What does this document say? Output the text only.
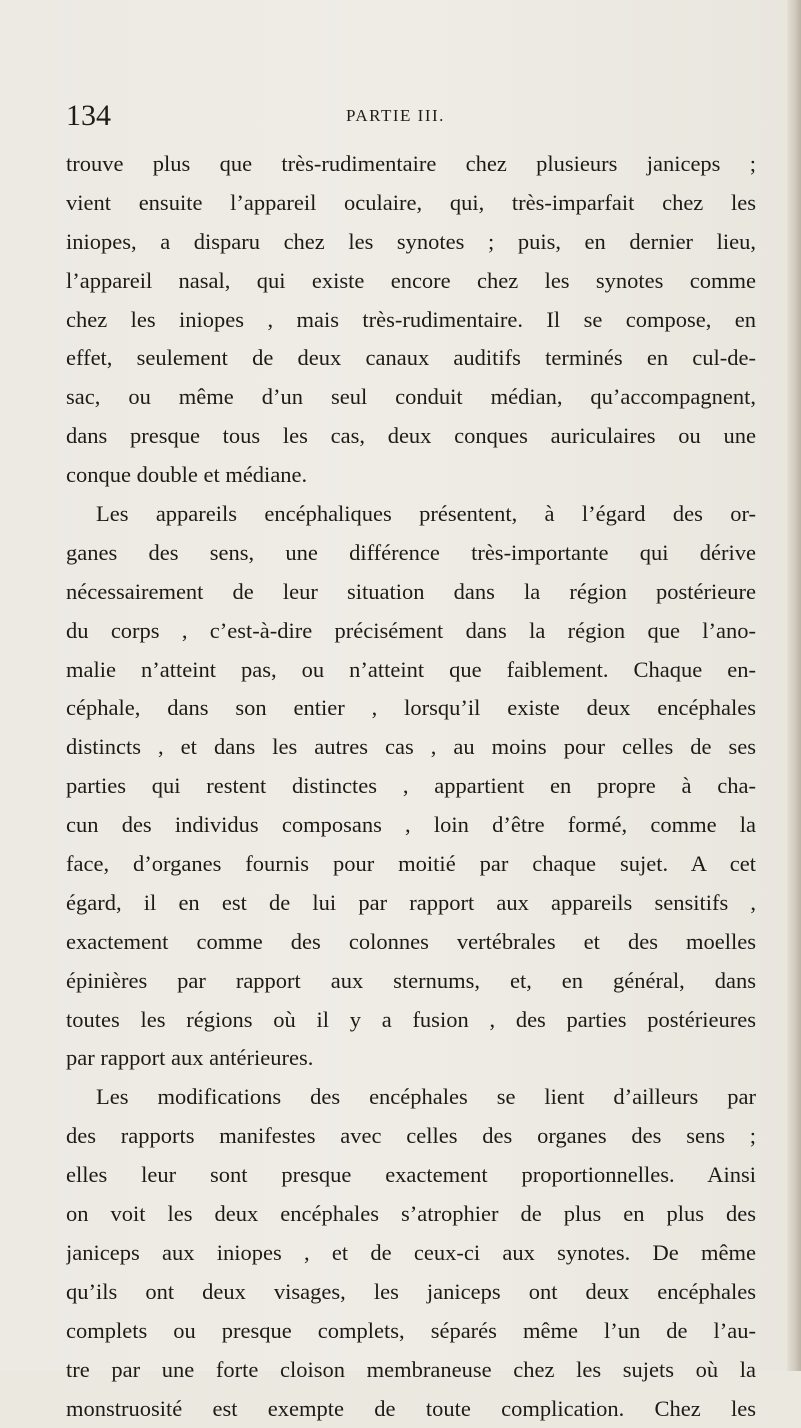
134	PARTIE III.
trouve plus que très-rudimentaire chez plusieurs janiceps ;
vient ensuite l’appareil oculaire, qui, très-imparfait chez les
iniopes, a disparu chez les synotes ; puis, en dernier lieu,
l’appareil nasal, qui existe encore chez les synotes comme
chez les iniopes , mais très-rudimentaire. Il se compose, en
effet, seulement de deux canaux auditifs terminés en cul-de-
sac, ou même d’un seul conduit médian, qu’accompagnent,
dans presque tous les cas, deux conques auriculaires ou une
conque double et médiane.
Les appareils encéphaliques présentent, à l’égard des or-
ganes des sens, une différence très-importante qui dérive
nécessairement de leur situation dans la région postérieure
du corps , c’est-à-dire précisément dans la région que l’ano-
malie n’atteint pas, ou n’atteint que faiblement. Chaque en-
céphale, dans son entier , lorsqu’il existe deux encéphales
distincts , et dans les autres cas , au moins pour celles de ses
parties qui restent distinctes , appartient en propre à cha-
cun des individus composans , loin d’être formé, comme la
face, d’organes fournis pour moitié par chaque sujet. A cet
égard, il en est de lui par rapport aux appareils sensitifs ,
exactement comme des colonnes vertébrales et des moelles
épinières par rapport aux sternums, et, en général, dans
toutes les régions où il y a fusion , des parties postérieures
par rapport aux antérieures.
Les modifications des encéphales se lient d’ailleurs par
des rapports manifestes avec celles des organes des sens ;
elles leur sont presque exactement proportionnelles. Ainsi
on voit les deux encéphales s’atrophier de plus en plus des
janiceps aux iniopes , et de ceux-ci aux synotes. De même
qu’ils ont deux visages, les janiceps ont deux encéphales
complets ou presque complets, séparés même l’un de l’au-
tre par une forte cloison membraneuse chez les sujets où la
monstruosité est exempte de toute complication. Chez les
